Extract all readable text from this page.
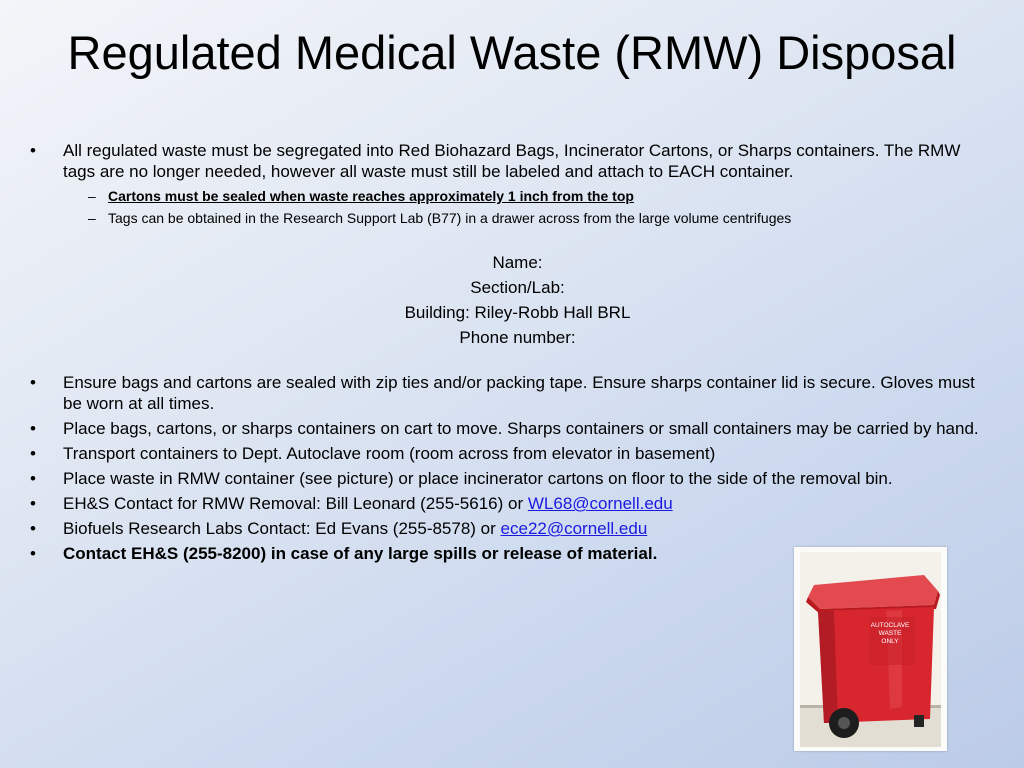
Regulated Medical Waste (RMW) Disposal
• All regulated waste must be segregated into Red Biohazard Bags, Incinerator Cartons, or Sharps containers. The RMW tags are no longer needed, however all waste must still be labeled and attach to EACH container.
– Cartons must be sealed when waste reaches approximately 1 inch from the top
– Tags can be obtained in the Research Support Lab (B77) in a drawer across from the large volume centrifuges
Name:
Section/Lab:
Building: Riley-Robb Hall BRL
Phone number:
• Ensure bags and cartons are sealed with zip ties and/or packing tape. Ensure sharps container lid is secure. Gloves must be worn at all times.
• Place bags, cartons, or sharps containers on cart to move. Sharps containers or small containers may be carried by hand.
• Transport containers to Dept. Autoclave room (room across from elevator in basement)
• Place waste in RMW container (see picture) or place incinerator cartons on floor to the side of the removal bin.
• EH&S Contact for RMW Removal: Bill Leonard (255-5616) or WL68@cornell.edu
• Biofuels Research Labs Contact: Ed Evans (255-8578) or ece22@cornell.edu
• Contact EH&S (255-8200) in case of any large spills or release of material.
AUTOCLAVE
WASTE
ONLY
